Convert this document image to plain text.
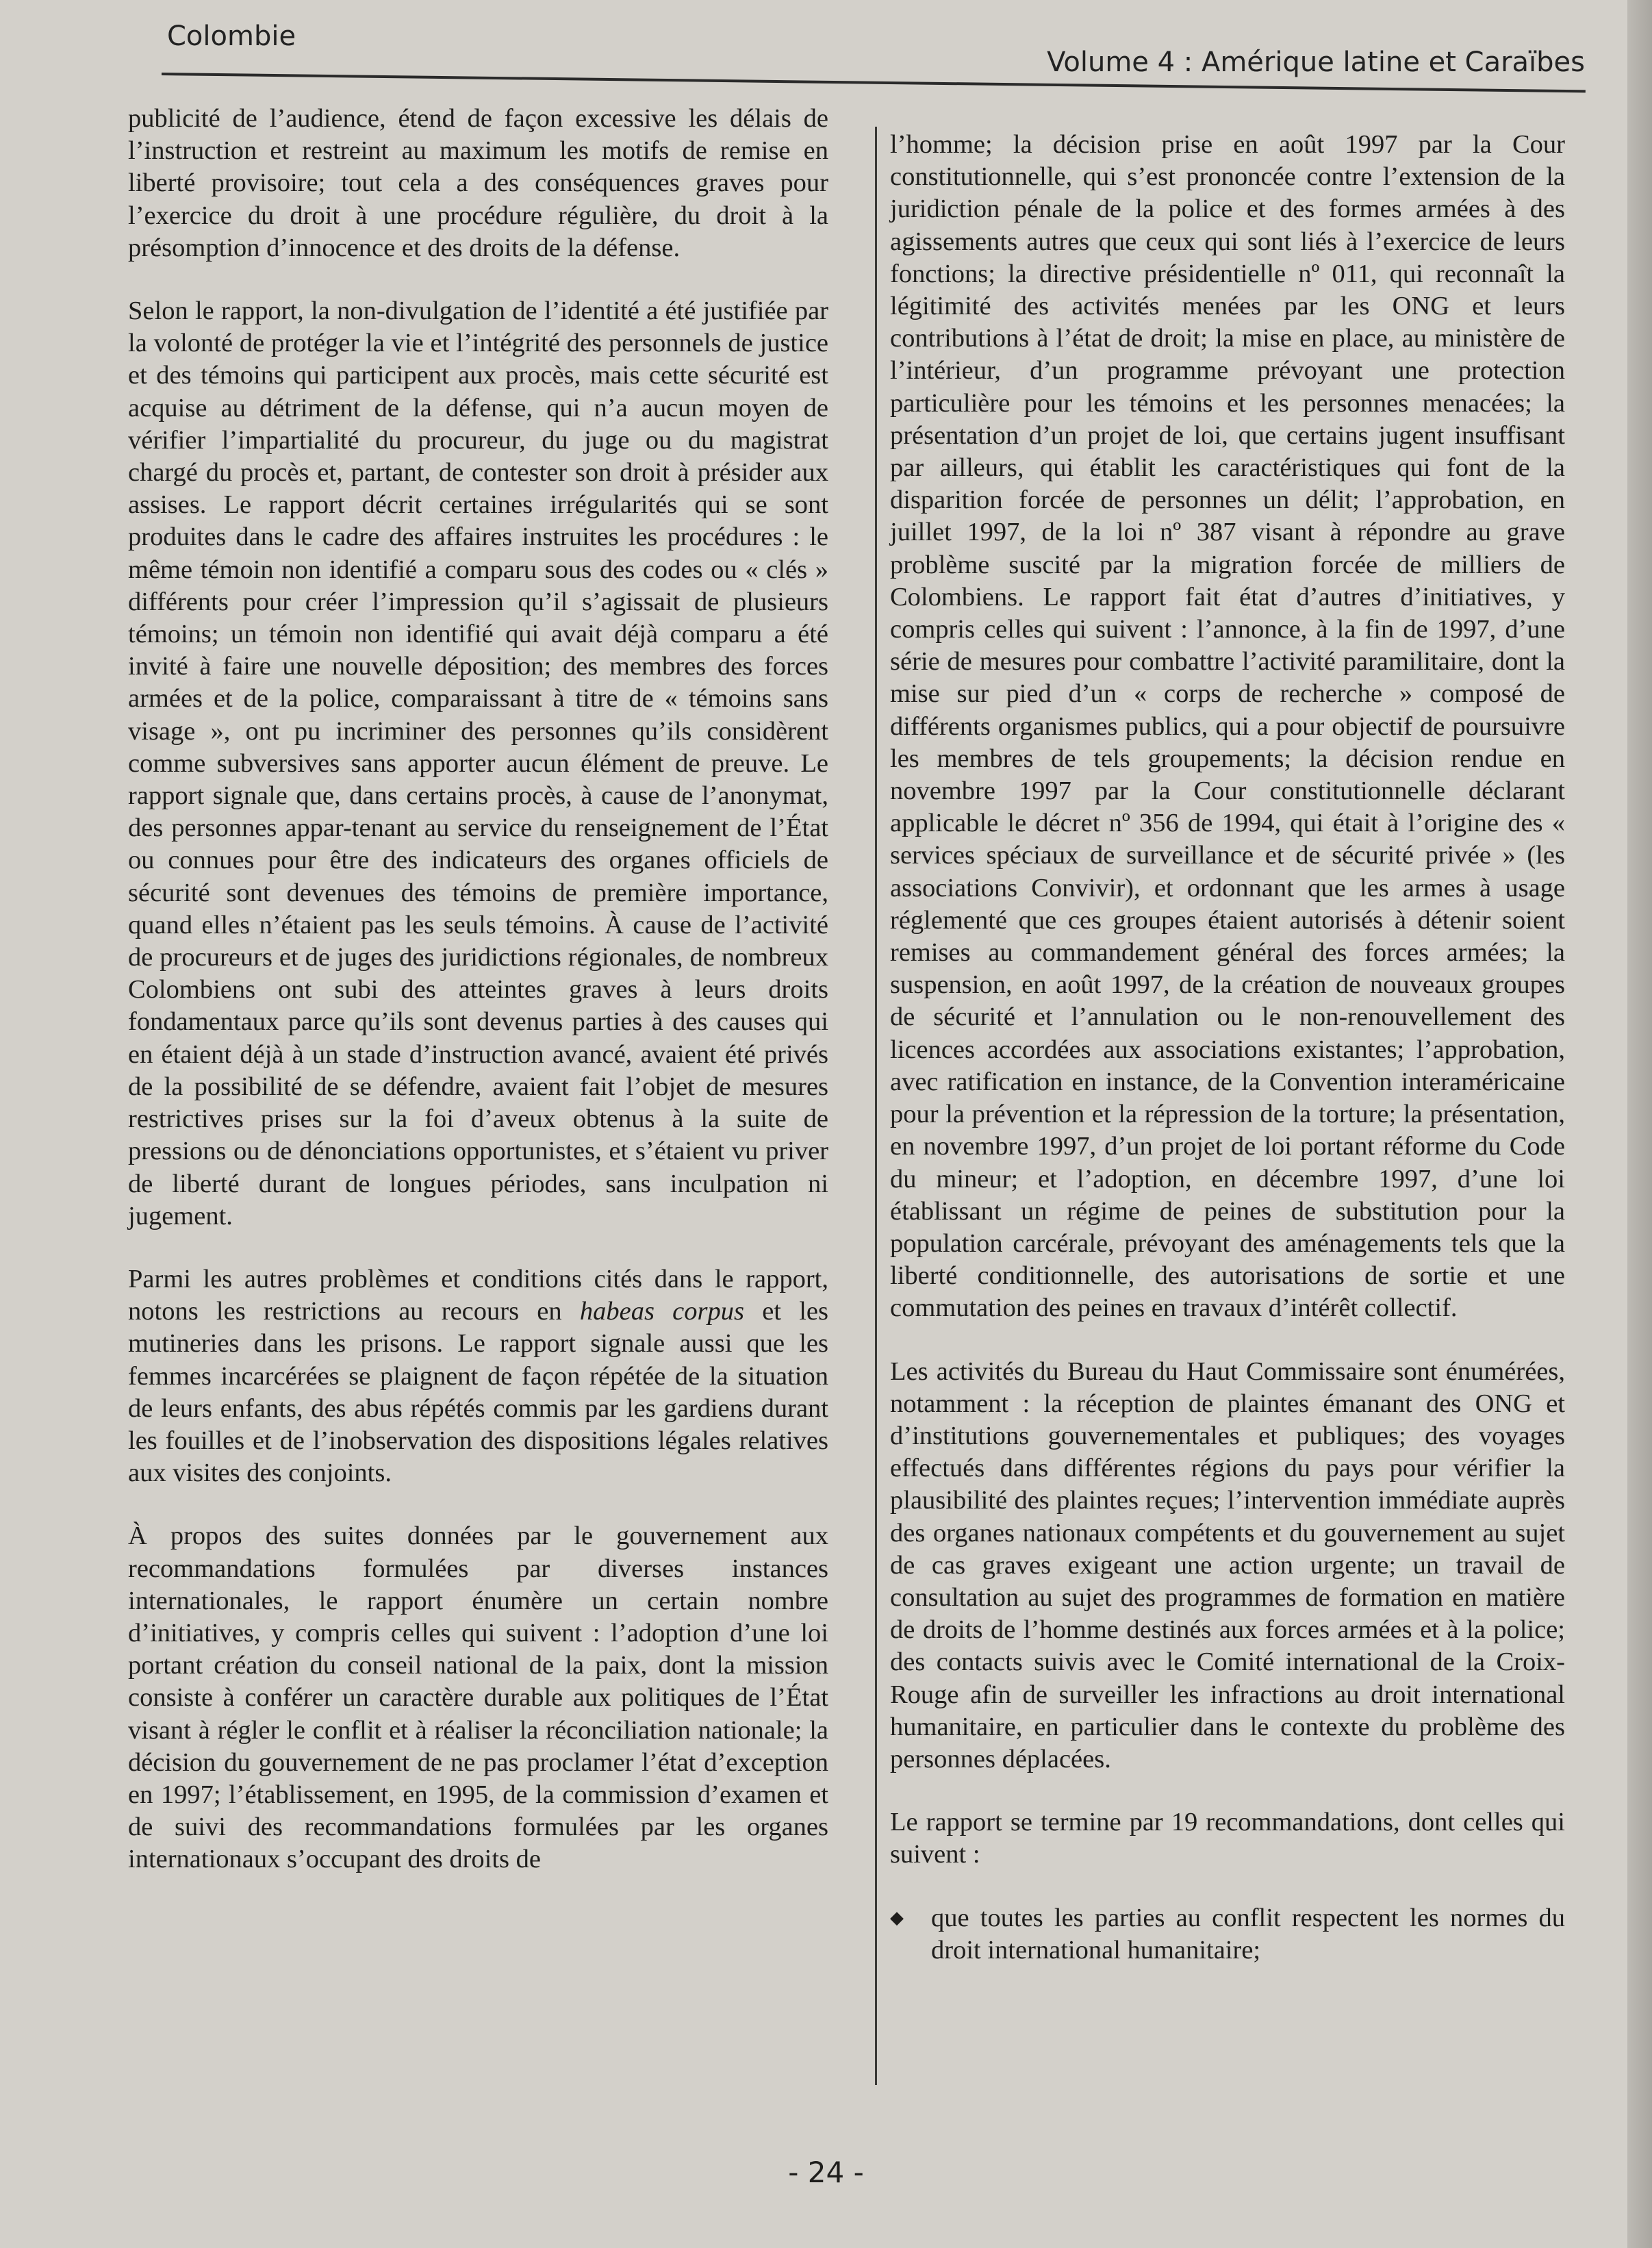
Colombie
Volume 4 : Amérique latine et Caraïbes

publicité de l’audience, étend de façon excessive les délais de l’instruction et restreint au maximum les motifs de remise en liberté provisoire; tout cela a des conséquences graves pour l’exercice du droit à une procédure régulière, du droit à la présomption d’innocence et des droits de la défense.

Selon le rapport, la non-divulgation de l’identité a été justifiée par la volonté de protéger la vie et l’intégrité des personnels de justice et des témoins qui participent aux procès, mais cette sécurité est acquise au détriment de la défense, qui n’a aucun moyen de vérifier l’impartialité du procureur, du juge ou du magistrat chargé du procès et, partant, de contester son droit à présider aux assises. Le rapport décrit certaines irrégularités qui se sont produites dans le cadre des affaires instruites les procédures : le même témoin non identifié a comparu sous des codes ou « clés » différents pour créer l’impression qu’il s’agissait de plusieurs témoins; un témoin non identifié qui avait déjà comparu a été invité à faire une nouvelle déposition; des membres des forces armées et de la police, comparaissant à titre de « témoins sans visage », ont pu incriminer des personnes qu’ils considèrent comme subversives sans apporter aucun élément de preuve. Le rapport signale que, dans certains procès, à cause de l’anonymat, des personnes appar-tenant au service du renseignement de l’État ou connues pour être des indicateurs des organes officiels de sécurité sont devenues des témoins de première importance, quand elles n’étaient pas les seuls témoins. À cause de l’activité de procureurs et de juges des juridictions régionales, de nombreux Colombiens ont subi des atteintes graves à leurs droits fondamentaux parce qu’ils sont devenus parties à des causes qui en étaient déjà à un stade d’instruction avancé, avaient été privés de la possibilité de se défendre, avaient fait l’objet de mesures restrictives prises sur la foi d’aveux obtenus à la suite de pressions ou de dénonciations opportunistes, et s’étaient vu priver de liberté durant de longues périodes, sans inculpation ni jugement.

Parmi les autres problèmes et conditions cités dans le rapport, notons les restrictions au recours en habeas corpus et les mutineries dans les prisons. Le rapport signale aussi que les femmes incarcérées se plaignent de façon répétée de la situation de leurs enfants, des abus répétés commis par les gardiens durant les fouilles et de l’inobservation des dispositions légales relatives aux visites des conjoints.

À propos des suites données par le gouvernement aux recommandations formulées par diverses instances internationales, le rapport énumère un certain nombre d’initiatives, y compris celles qui suivent : l’adoption d’une loi portant création du conseil national de la paix, dont la mission consiste à conférer un caractère durable aux politiques de l’État visant à régler le conflit et à réaliser la réconciliation nationale; la décision du gouvernement de ne pas proclamer l’état d’exception en 1997; l’établissement, en 1995, de la commission d’examen et de suivi des recommandations formulées par les organes internationaux s’occupant des droits de

l’homme; la décision prise en août 1997 par la Cour constitutionnelle, qui s’est prononcée contre l’extension de la juridiction pénale de la police et des formes armées à des agissements autres que ceux qui sont liés à l’exercice de leurs fonctions; la directive présidentielle nº 011, qui reconnaît la légitimité des activités menées par les ONG et leurs contributions à l’état de droit; la mise en place, au ministère de l’intérieur, d’un programme prévoyant une protection particulière pour les témoins et les personnes menacées; la présentation d’un projet de loi, que certains jugent insuffisant par ailleurs, qui établit les caractéristiques qui font de la disparition forcée de personnes un délit; l’approbation, en juillet 1997, de la loi nº 387 visant à répondre au grave problème suscité par la migration forcée de milliers de Colombiens. Le rapport fait état d’autres d’initiatives, y compris celles qui suivent : l’annonce, à la fin de 1997, d’une série de mesures pour combattre l’activité paramilitaire, dont la mise sur pied d’un « corps de recherche » composé de différents organismes publics, qui a pour objectif de poursuivre les membres de tels groupements; la décision rendue en novembre 1997 par la Cour constitutionnelle déclarant applicable le décret nº 356 de 1994, qui était à l’origine des « services spéciaux de surveillance et de sécurité privée » (les associations Convivir), et ordonnant que les armes à usage réglementé que ces groupes étaient autorisés à détenir soient remises au commandement général des forces armées; la suspension, en août 1997, de la création de nouveaux groupes de sécurité et l’annulation ou le non-renouvellement des licences accordées aux associations existantes; l’approbation, avec ratification en instance, de la Convention interaméricaine pour la prévention et la répression de la torture; la présentation, en novembre 1997, d’un projet de loi portant réforme du Code du mineur; et l’adoption, en décembre 1997, d’une loi établissant un régime de peines de substitution pour la population carcérale, prévoyant des aménagements tels que la liberté conditionnelle, des autorisations de sortie et une commutation des peines en travaux d’intérêt collectif.

Les activités du Bureau du Haut Commissaire sont énumérées, notamment : la réception de plaintes émanant des ONG et d’institutions gouvernementales et publiques; des voyages effectués dans différentes régions du pays pour vérifier la plausibilité des plaintes reçues; l’intervention immédiate auprès des organes nationaux compétents et du gouvernement au sujet de cas graves exigeant une action urgente; un travail de consultation au sujet des programmes de formation en matière de droits de l’homme destinés aux forces armées et à la police; des contacts suivis avec le Comité international de la Croix-Rouge afin de surveiller les infractions au droit international humanitaire, en particulier dans le contexte du problème des personnes déplacées.

Le rapport se termine par 19 recommandations, dont celles qui suivent :

◆ que toutes les parties au conflit respectent les normes du droit international humanitaire;
- 24 -
